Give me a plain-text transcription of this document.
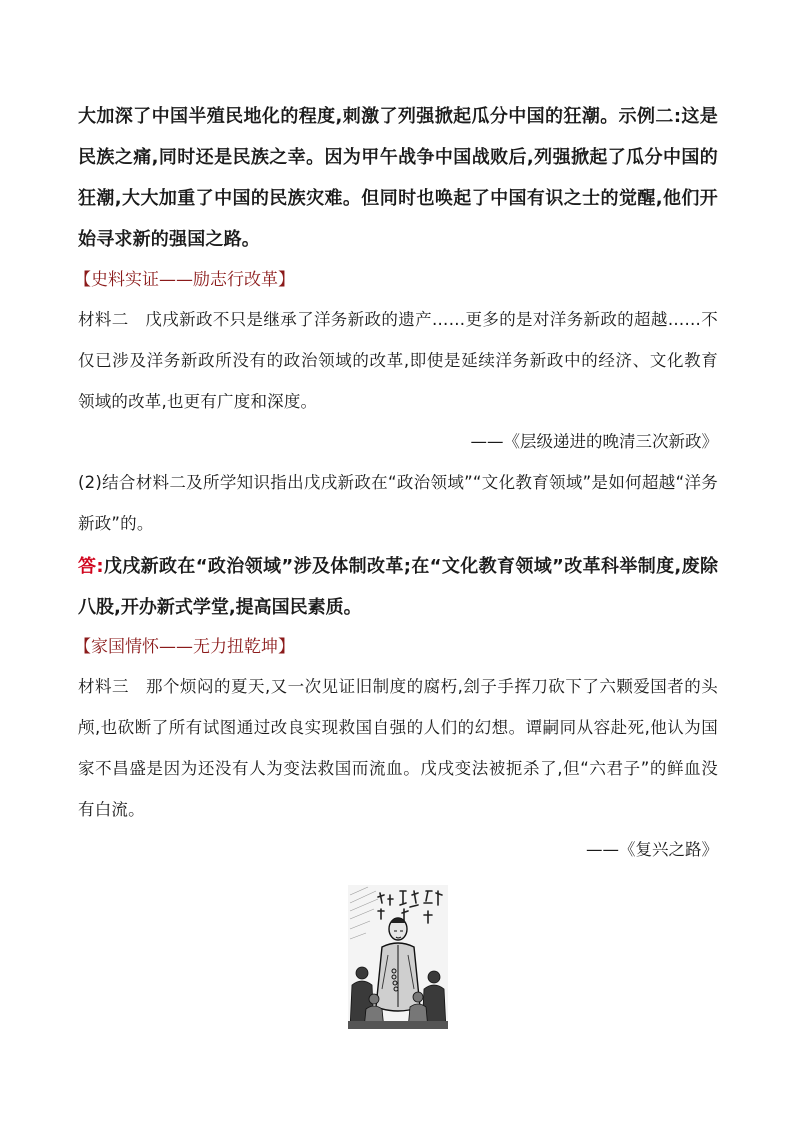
大加深了中国半殖民地化的程度,刺激了列强掀起瓜分中国的狂潮。示例二:这是民族之痛,同时还是民族之幸。因为甲午战争中国战败后,列强掀起了瓜分中国的狂潮,大大加重了中国的民族灾难。但同时也唤起了中国有识之士的觉醒,他们开始寻求新的强国之路。

【史料实证——励志行改革】

材料二　戊戌新政不只是继承了洋务新政的遗产……更多的是对洋务新政的超越……不仅已涉及洋务新政所没有的政治领域的改革,即使是延续洋务新政中的经济、文化教育领域的改革,也更有广度和深度。

——《层级递进的晚清三次新政》

(2)结合材料二及所学知识指出戊戌新政在“政治领域”“文化教育领域”是如何超越“洋务新政”的。

答:戊戌新政在“政治领域”涉及体制改革;在“文化教育领域”改革科举制度,废除八股,开办新式学堂,提高国民素质。

【家国情怀——无力扭乾坤】

材料三　那个烦闷的夏天,又一次见证旧制度的腐朽,刽子手挥刀砍下了六颗爱国者的头颅,也砍断了所有试图通过改良实现救国自强的人们的幻想。谭嗣同从容赴死,他认为国家不昌盛是因为还没有人为变法救国而流血。戊戌变法被扼杀了,但“六君子”的鲜血没有白流。

——《复兴之路》
